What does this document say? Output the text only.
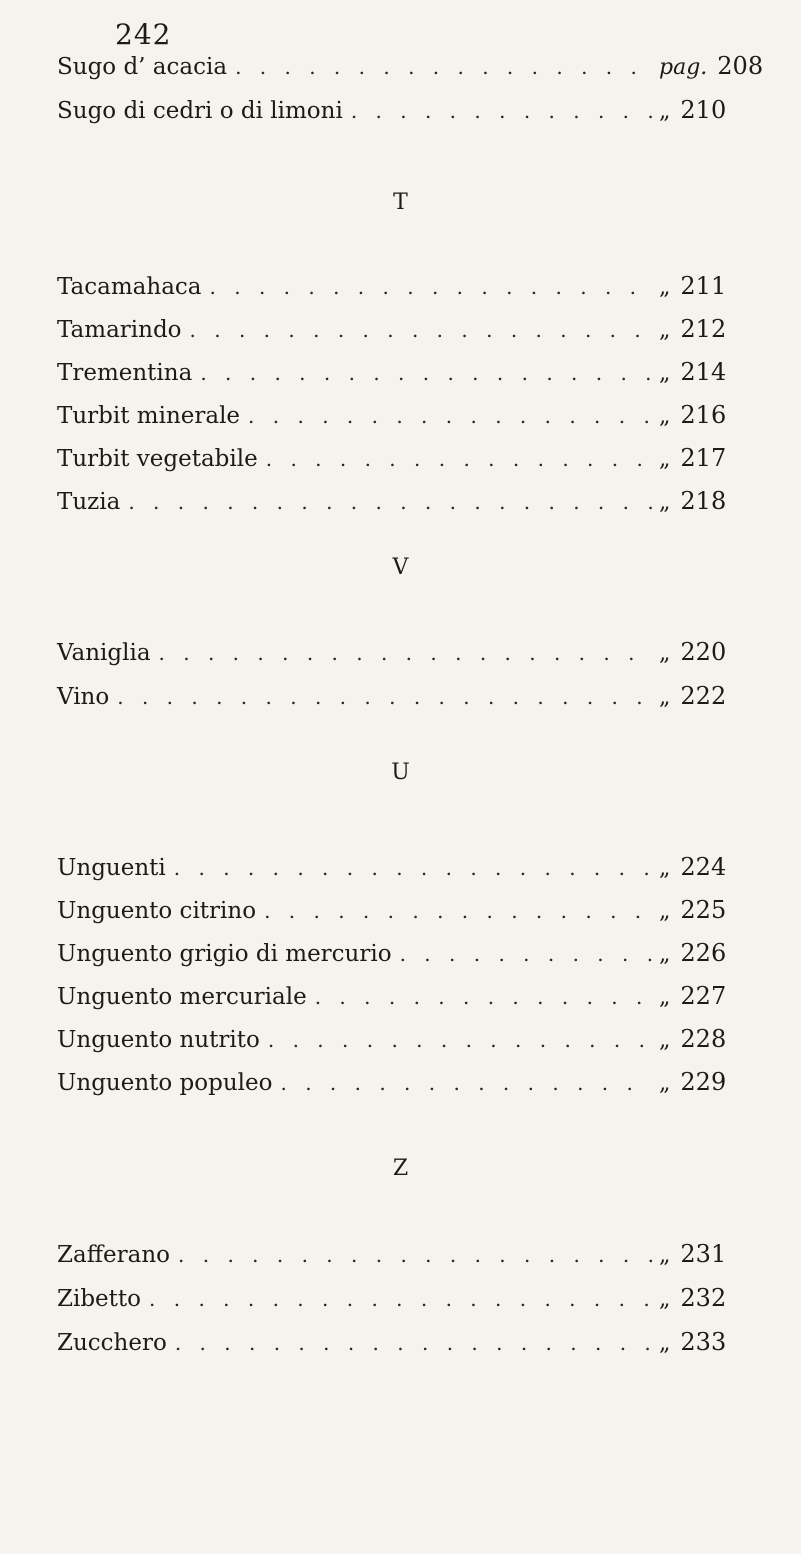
242
Sugo d’ acacia . . .	pag. 208
Sugo di cedri o di limoni . . .	„ 210
T
Tacamahaca . . .	„ 211
Tamarindo . . .	„ 212
Trementina . . .	„ 214
Turbit minerale . . .	„ 216
Turbit vegetabile . . .	„ 217
Tuzia . . .	„ 218
V
Vaniglia . . .	„ 220
Vino . . .	„ 222
U
Unguenti . . .	„ 224
Unguento citrino . . .	„ 225
Unguento grigio di mercurio . . .	„ 226
Unguento mercuriale . . .	„ 227
Unguento nutrito . . .	„ 228
Unguento populeo . . .	„ 229
Z
Zafferano . . .	„ 231
Zibetto . . .	„ 232
Zucchero . . .	„ 233
